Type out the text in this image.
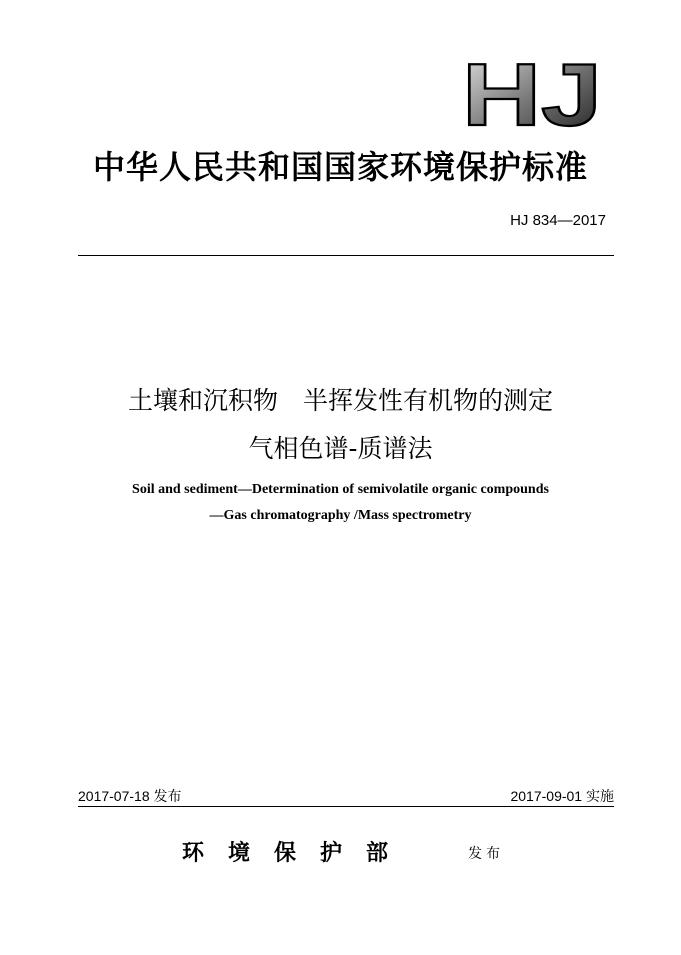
HJ
中华人民共和国国家环境保护标准
HJ 834—2017
土壤和沉积物　半挥发性有机物的测定
气相色谱-质谱法
Soil and sediment—Determination of semivolatile organic compounds
—Gas chromatography /Mass spectrometry
2017-07-18 发布	2017-09-01 实施
环境保护部	发布
